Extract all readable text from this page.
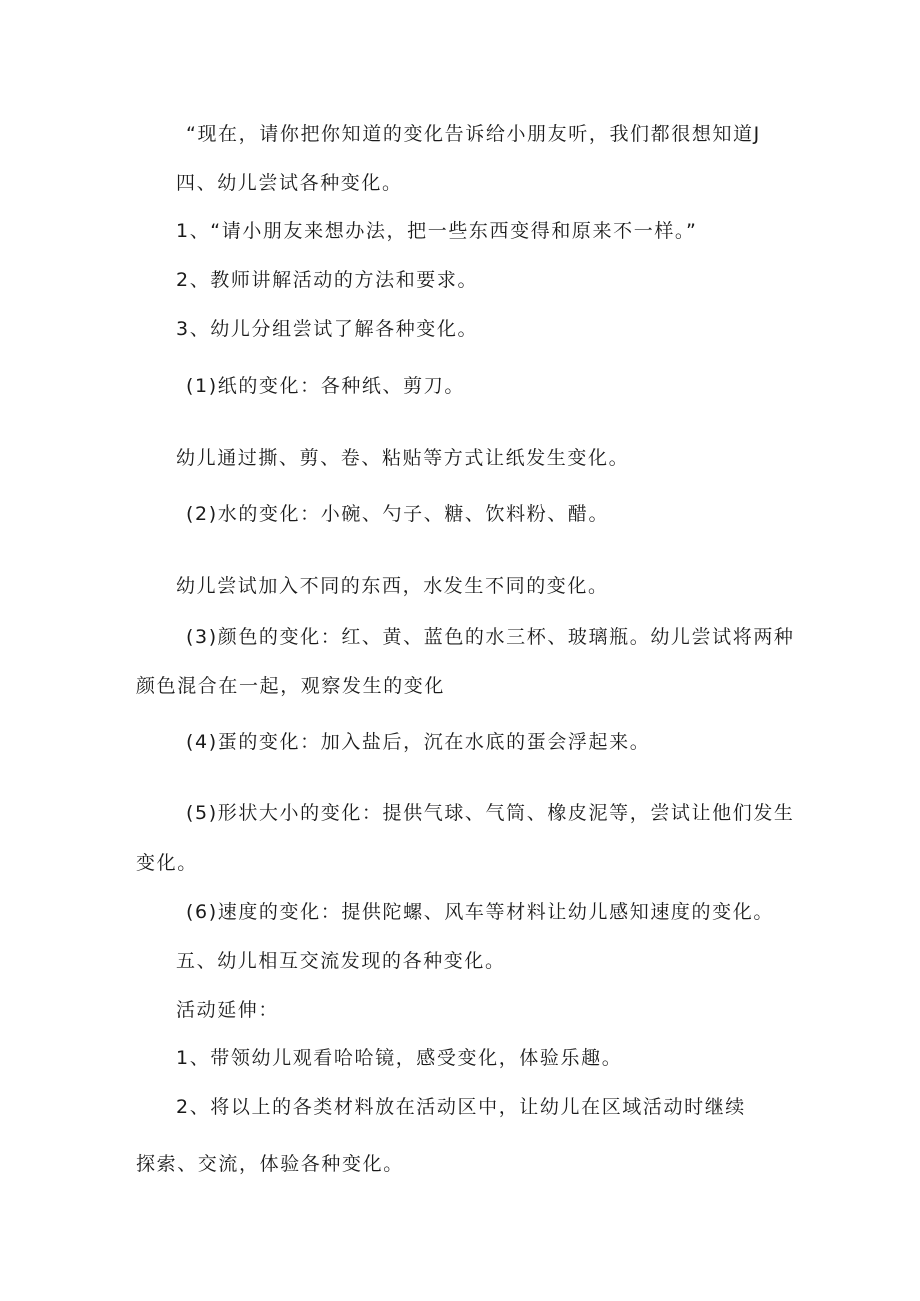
“现在，请你把你知道的变化告诉给小朋友听，我们都很想知道J
四、幼儿尝试各种变化。
1、“请小朋友来想办法，把一些东西变得和原来不一样。”
2、教师讲解活动的方法和要求。
3、幼儿分组尝试了解各种变化。
(1)纸的变化：各种纸、剪刀。
幼儿通过撕、剪、卷、粘贴等方式让纸发生变化。
(2)水的变化：小碗、勺子、糖、饮料粉、醋。
幼儿尝试加入不同的东西，水发生不同的变化。
(3)颜色的变化：红、黄、蓝色的水三杯、玻璃瓶。幼儿尝试将两种
颜色混合在一起，观察发生的变化
(4)蛋的变化：加入盐后，沉在水底的蛋会浮起来。
(5)形状大小的变化：提供气球、气筒、橡皮泥等，尝试让他们发生
变化。
(6)速度的变化：提供陀螺、风车等材料让幼儿感知速度的变化。
五、幼儿相互交流发现的各种变化。
活动延伸：
1、带领幼儿观看哈哈镜，感受变化，体验乐趣。
2、将以上的各类材料放在活动区中，让幼儿在区域活动时继续
探索、交流，体验各种变化。
